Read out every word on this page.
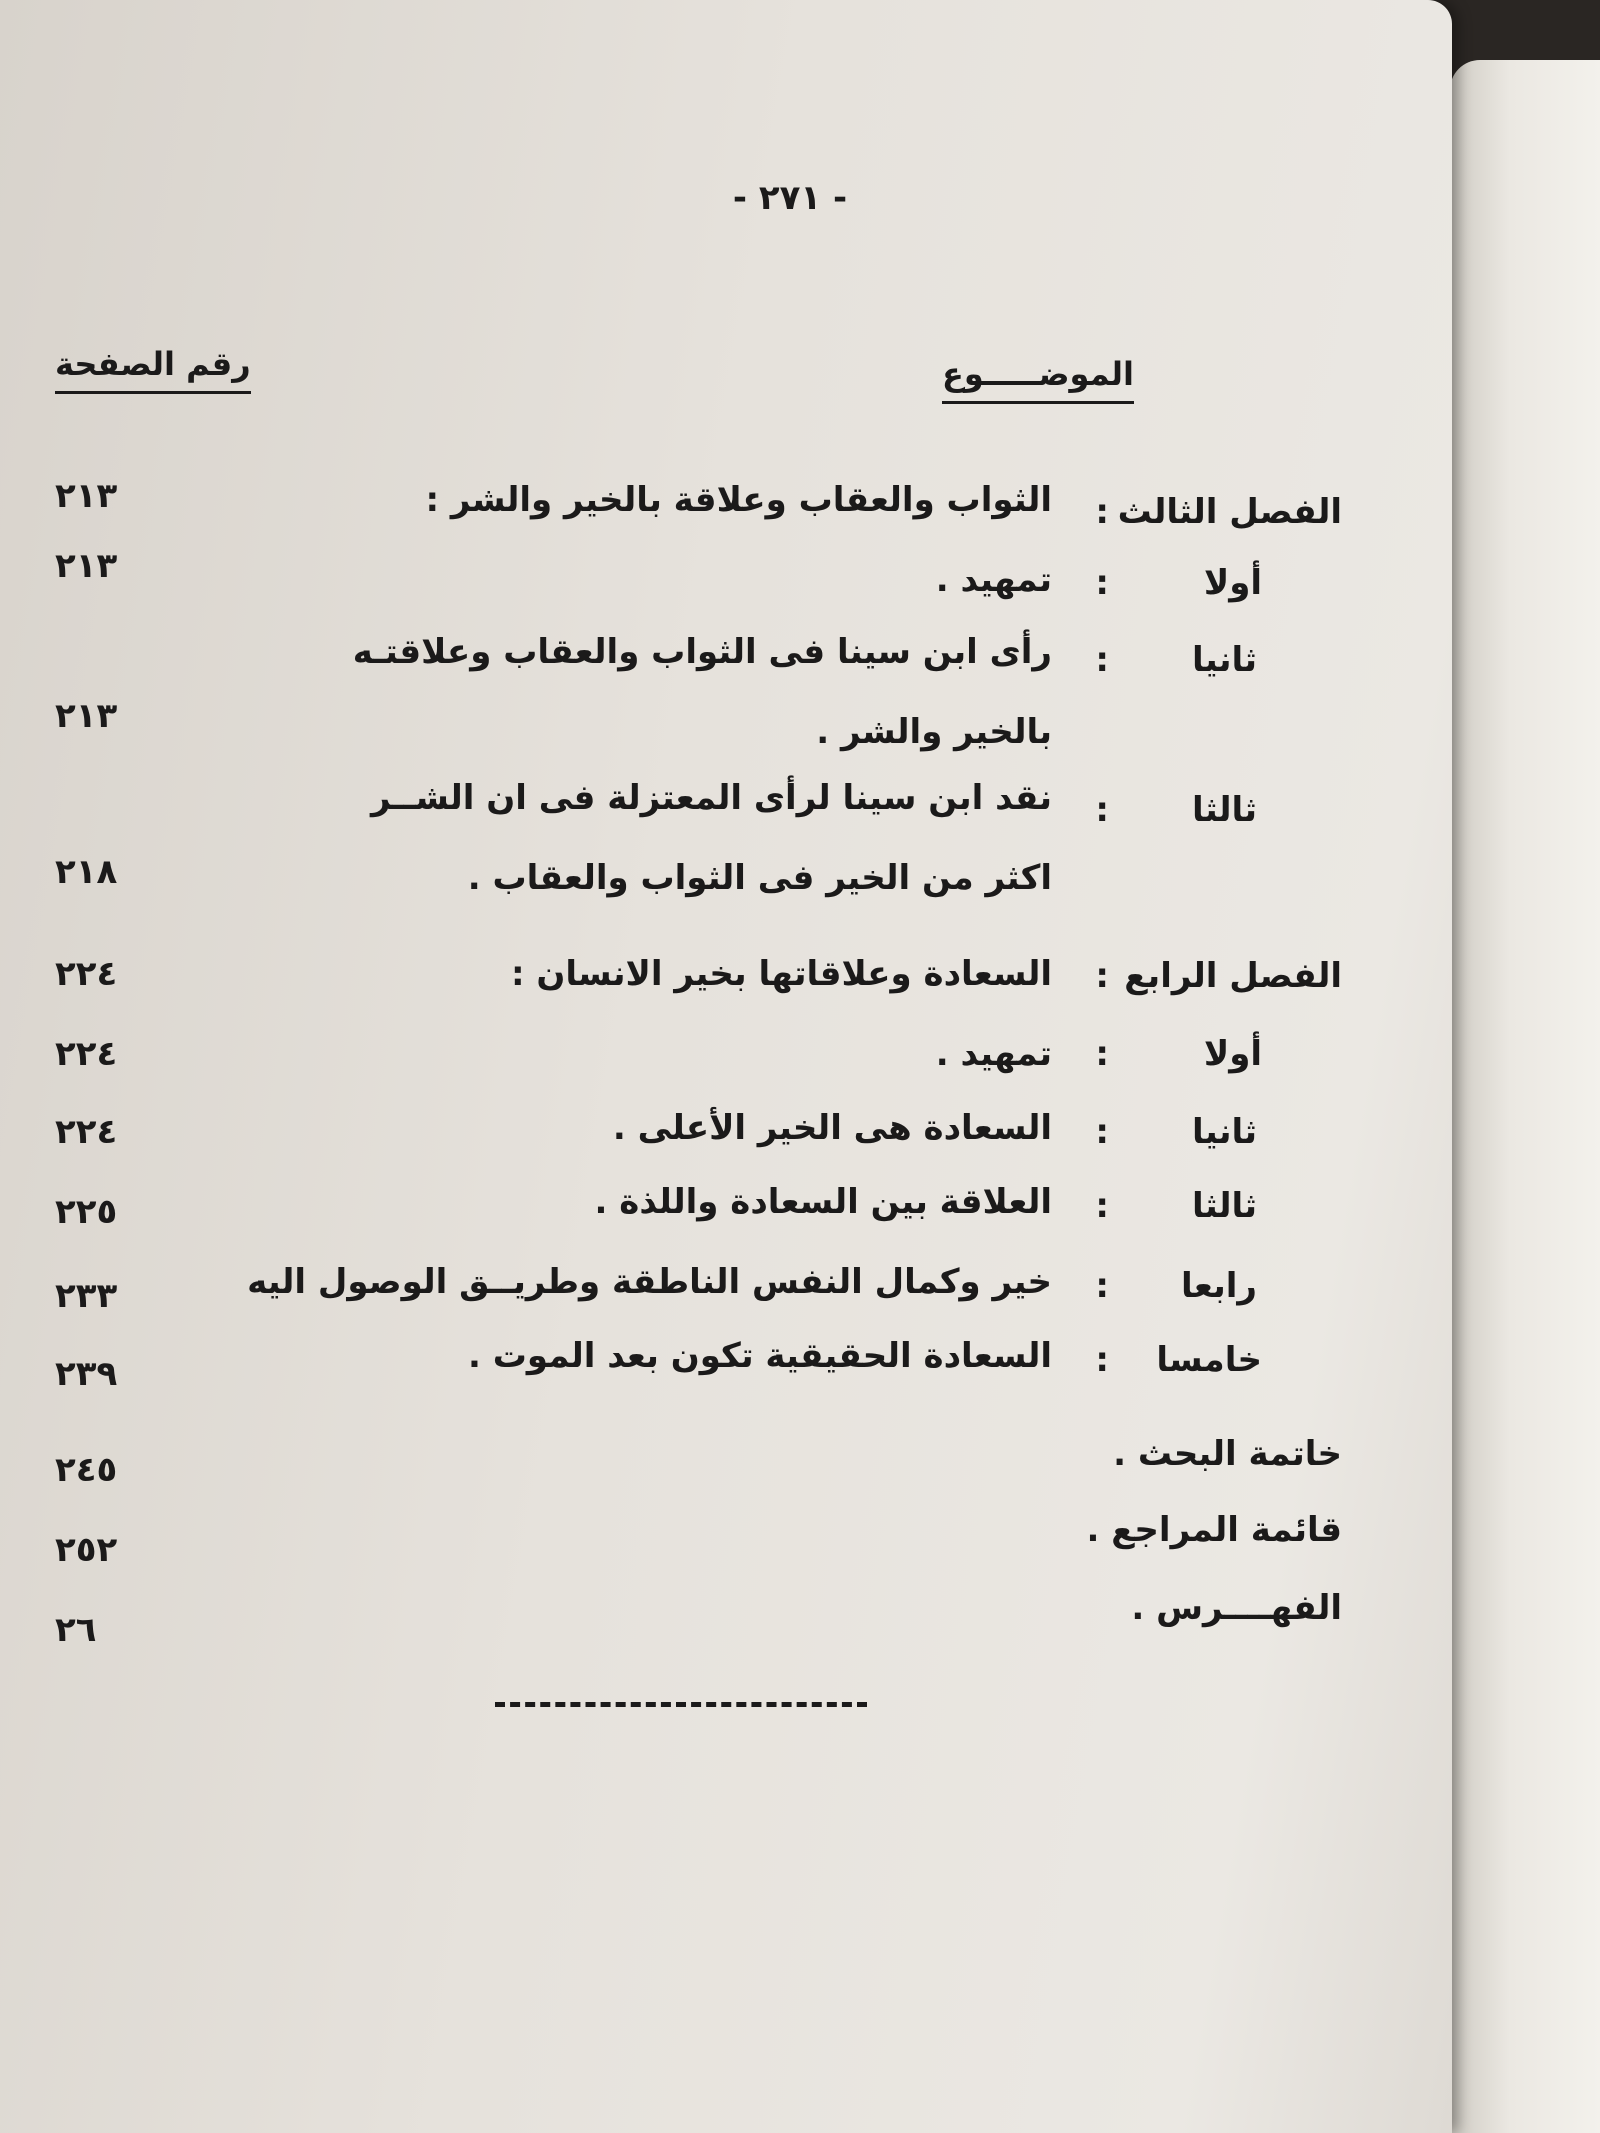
- ٢٧١ -
الموضـــــوع
رقم الصفحة
الفصل الثالث
:
الثواب والعقاب وعلاقة بالخير والشر :
٢١٣
أولا
:
تمهيد .
٢١٣
ثانيا
:
رأى ابن سينا فى الثواب والعقاب وعلاقتـه
بالخير والشر .
٢١٣
ثالثا
:
نقد ابن سينا لرأى المعتزلة فى ان الشــر
اكثر من الخير فى الثواب والعقاب .
٢١٨
الفصل الرابع
:
السعادة وعلاقاتها بخير الانسان :
٢٢٤
أولا
:
تمهيد .
٢٢٤
ثانيا
:
السعادة هى الخير الأعلى .
٢٢٤
ثالثا
:
العلاقة بين السعادة واللذة .
٢٢٥
رابعا
:
خير وكمال النفس الناطقة وطريــق الوصول اليه
٢٣٣
خامسا
:
السعادة الحقيقية تكون بعد الموت .
٢٣٩
خاتمة البحث .
٢٤٥
قائمة المراجع .
٢٥٢
الفهــــرس .
٢٦
